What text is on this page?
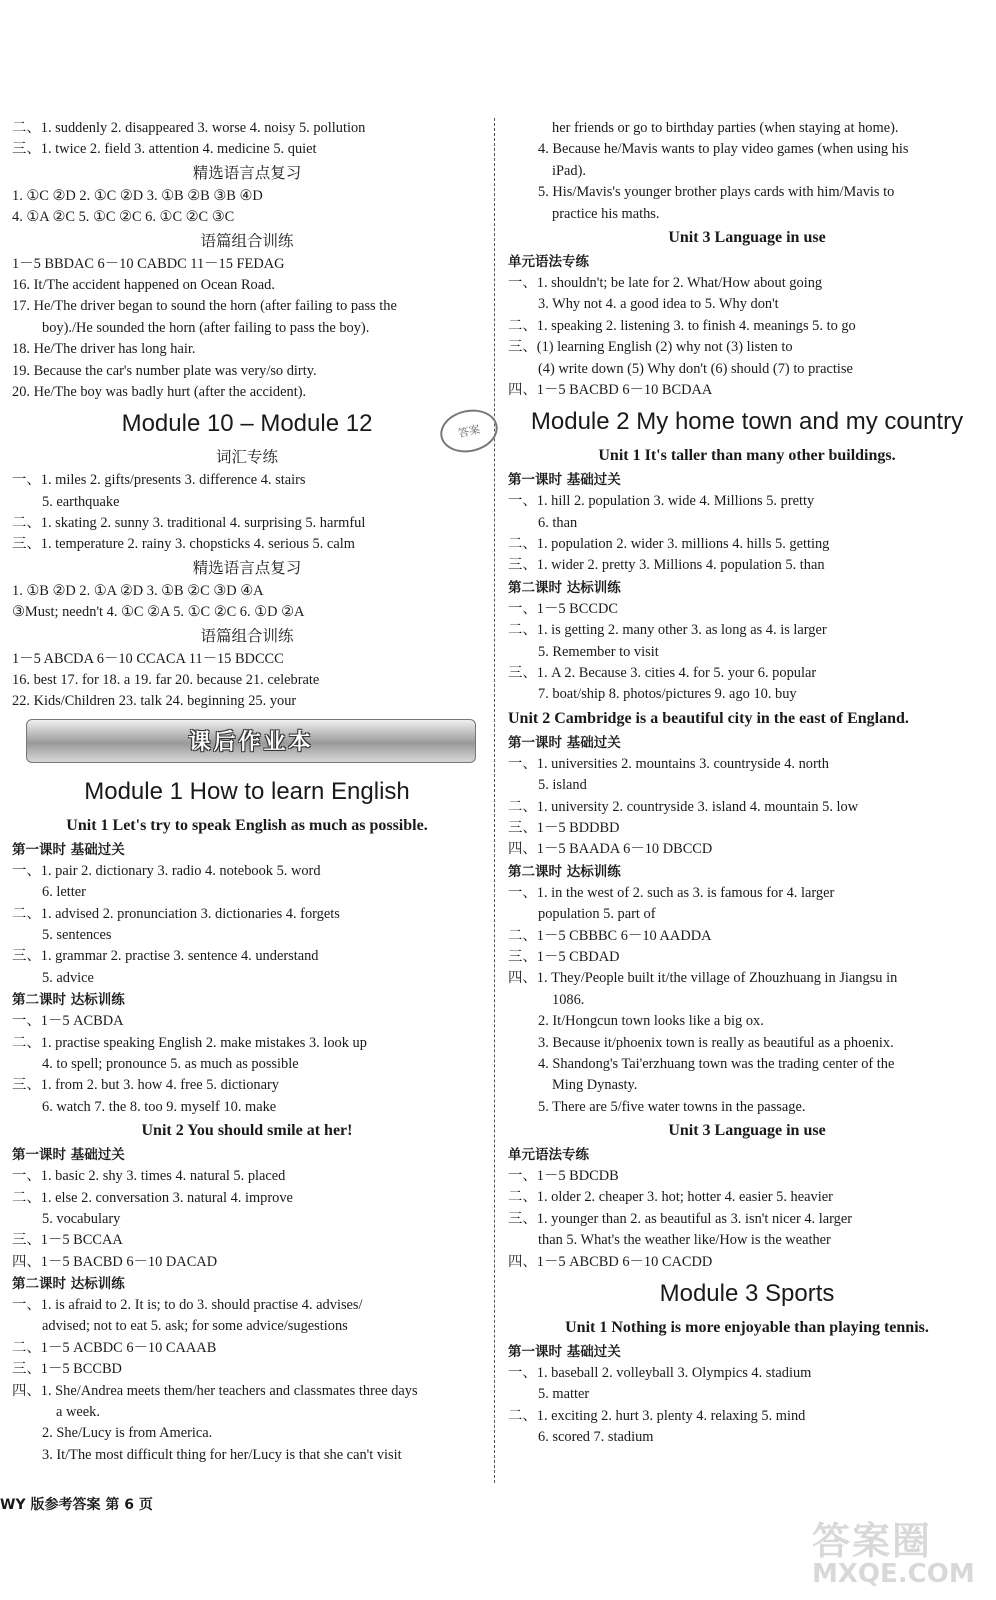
二、1. suddenly 2. disappeared 3. worse 4. noisy 5. pollution
三、1. twice 2. field 3. attention 4. medicine 5. quiet
精选语言点复习
1. ①C ②D 2. ①C ②D 3. ①B ②B ③B ④D
4. ①A ②C 5. ①C ②C 6. ①C ②C ③C
语篇组合训练
1－5 BBDAC 6－10 CABDC 11－15 FEDAG
16. It/The accident happened on Ocean Road.
17. He/The driver began to sound the horn (after failing to pass the
boy)./He sounded the horn (after failing to pass the boy).
18. He/The driver has long hair.
19. Because the car's number plate was very/so dirty.
20. He/The boy was badly hurt (after the accident).
Module 10 – Module 12
词汇专练
一、1. miles 2. gifts/presents 3. difference 4. stairs
5. earthquake
二、1. skating 2. sunny 3. traditional 4. surprising 5. harmful
三、1. temperature 2. rainy 3. chopsticks 4. serious 5. calm
精选语言点复习
1. ①B ②D 2. ①A ②D 3. ①B ②C ③D ④A
③Must; needn't 4. ①C ②A 5. ①C ②C 6. ①D ②A
语篇组合训练
1－5 ABCDA 6－10 CCACA 11－15 BDCCC
16. best 17. for 18. a 19. far 20. because 21. celebrate
22. Kids/Children 23. talk 24. beginning 25. your
课后作业本
Module 1 How to learn English
Unit 1 Let's try to speak English as much as possible.
第一课时 基础过关
一、1. pair 2. dictionary 3. radio 4. notebook 5. word
6. letter
二、1. advised 2. pronunciation 3. dictionaries 4. forgets
5. sentences
三、1. grammar 2. practise 3. sentence 4. understand
5. advice
第二课时 达标训练
一、1－5 ACBDA
二、1. practise speaking English 2. make mistakes 3. look up
4. to spell; pronounce 5. as much as possible
三、1. from 2. but 3. how 4. free 5. dictionary
6. watch 7. the 8. too 9. myself 10. make
Unit 2 You should smile at her!
第一课时 基础过关
一、1. basic 2. shy 3. times 4. natural 5. placed
二、1. else 2. conversation 3. natural 4. improve
5. vocabulary
三、1－5 BCCAA
四、1－5 BACBD 6－10 DACAD
第二课时 达标训练
一、1. is afraid to 2. It is; to do 3. should practise 4. advises/
advised; not to eat 5. ask; for some advice/sugestions
二、1－5 ACBDC 6－10 CAAAB
三、1－5 BCCBD
四、1. She/Andrea meets them/her teachers and classmates three days
a week.
2. She/Lucy is from America.
3. It/The most difficult thing for her/Lucy is that she can't visit
her friends or go to birthday parties (when staying at home).
4. Because he/Mavis wants to play video games (when using his
iPad).
5. His/Mavis's younger brother plays cards with him/Mavis to
practice his maths.
Unit 3 Language in use
单元语法专练
一、1. shouldn't; be late for 2. What/How about going
3. Why not 4. a good idea to 5. Why don't
二、1. speaking 2. listening 3. to finish 4. meanings 5. to go
三、(1) learning English (2) why not (3) listen to
(4) write down (5) Why don't (6) should (7) to practise
四、1－5 BACBD 6－10 BCDAA
Module 2 My home town and my country
Unit 1 It's taller than many other buildings.
第一课时 基础过关
一、1. hill 2. population 3. wide 4. Millions 5. pretty
6. than
二、1. population 2. wider 3. millions 4. hills 5. getting
三、1. wider 2. pretty 3. Millions 4. population 5. than
第二课时 达标训练
一、1－5 BCCDC
二、1. is getting 2. many other 3. as long as 4. is larger
5. Remember to visit
三、1. A 2. Because 3. cities 4. for 5. your 6. popular
7. boat/ship 8. photos/pictures 9. ago 10. buy
Unit 2 Cambridge is a beautiful city in the east of England.
第一课时 基础过关
一、1. universities 2. mountains 3. countryside 4. north
5. island
二、1. university 2. countryside 3. island 4. mountain 5. low
三、1－5 BDDBD
四、1－5 BAADA 6－10 DBCCD
第二课时 达标训练
一、1. in the west of 2. such as 3. is famous for 4. larger
population 5. part of
二、1－5 CBBBC 6－10 AADDA
三、1－5 CBDAD
四、1. They/People built it/the village of Zhouzhuang in Jiangsu in
1086.
2. It/Hongcun town looks like a big ox.
3. Because it/phoenix town is really as beautiful as a phoenix.
4. Shandong's Tai'erzhuang town was the trading center of the
Ming Dynasty.
5. There are 5/five water towns in the passage.
Unit 3 Language in use
单元语法专练
一、1－5 BDCDB
二、1. older 2. cheaper 3. hot; hotter 4. easier 5. heavier
三、1. younger than 2. as beautiful as 3. isn't nicer 4. larger
than 5. What's the weather like/How is the weather
四、1－5 ABCBD 6－10 CACDD
Module 3 Sports
Unit 1 Nothing is more enjoyable than playing tennis.
第一课时 基础过关
一、1. baseball 2. volleyball 3. Olympics 4. stadium
5. matter
二、1. exciting 2. hurt 3. plenty 4. relaxing 5. mind
6. scored 7. stadium
答案
WY 版参考答案 第 6 页
答案圈
MXQE.COM
